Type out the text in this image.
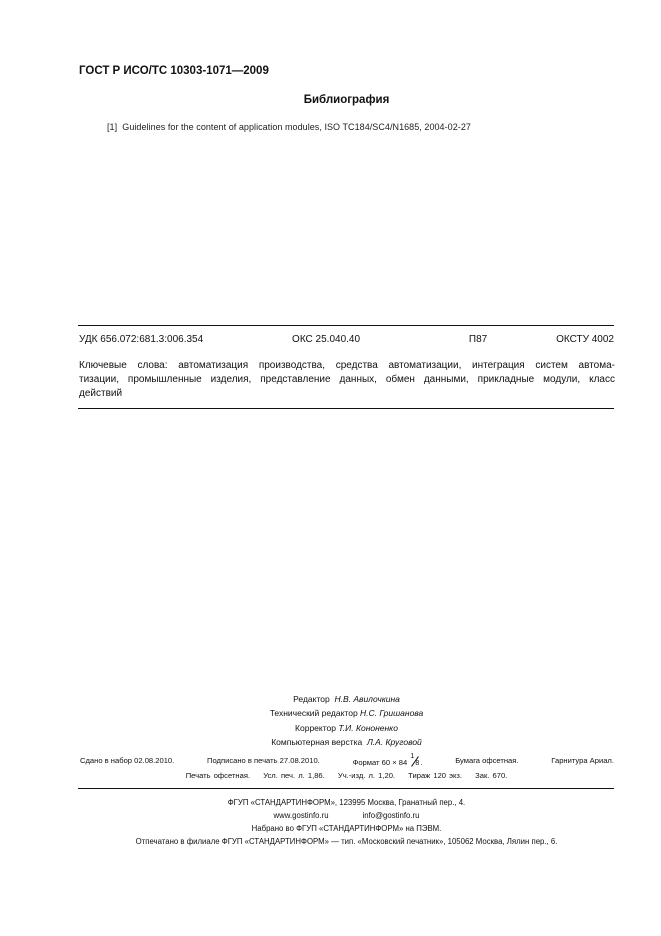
ГОСТ Р ИСО/ТС 10303-1071—2009
Библиография
[1] Guidelines for the content of application modules, ISO TC184/SC4/N1685, 2004-02-27
УДК 656.072:681.3:006.354	ОКС 25.040.40	П87	ОКСТУ 4002
Ключевые слова: автоматизация производства, средства автоматизации, интеграция систем автома-
тизации, промышленные изделия, представление данных, обмен данными, прикладные модули, класс
действий
Редактор Н.В. Авилочкина
Технический редактор Н.С. Гришанова
Корректор Т.И. Кононенко
Компьютерная верстка Л.А. Круговой
Сдано в набор 02.08.2010.	Подписано в печать 27.08.2010.	Формат 60 × 84
1
8 .	Бумага офсетная.	Гарнитура Ариал.
Печать офсетная. Усл. печ. л. 1,86. Уч.-изд. л. 1,20. Тираж 120 экз. Зак. 670.
ФГУП «СТАНДАРТИНФОРМ», 123995 Москва, Гранатный пер., 4.
www.gostinfo.ru	info@gostinfo.ru
Набрано во ФГУП «СТАНДАРТИНФОРМ» на ПЭВМ.
Отпечатано в филиале ФГУП «СТАНДАРТИНФОРМ» — тип. «Московский печатник», 105062 Москва, Лялин пер., 6.
